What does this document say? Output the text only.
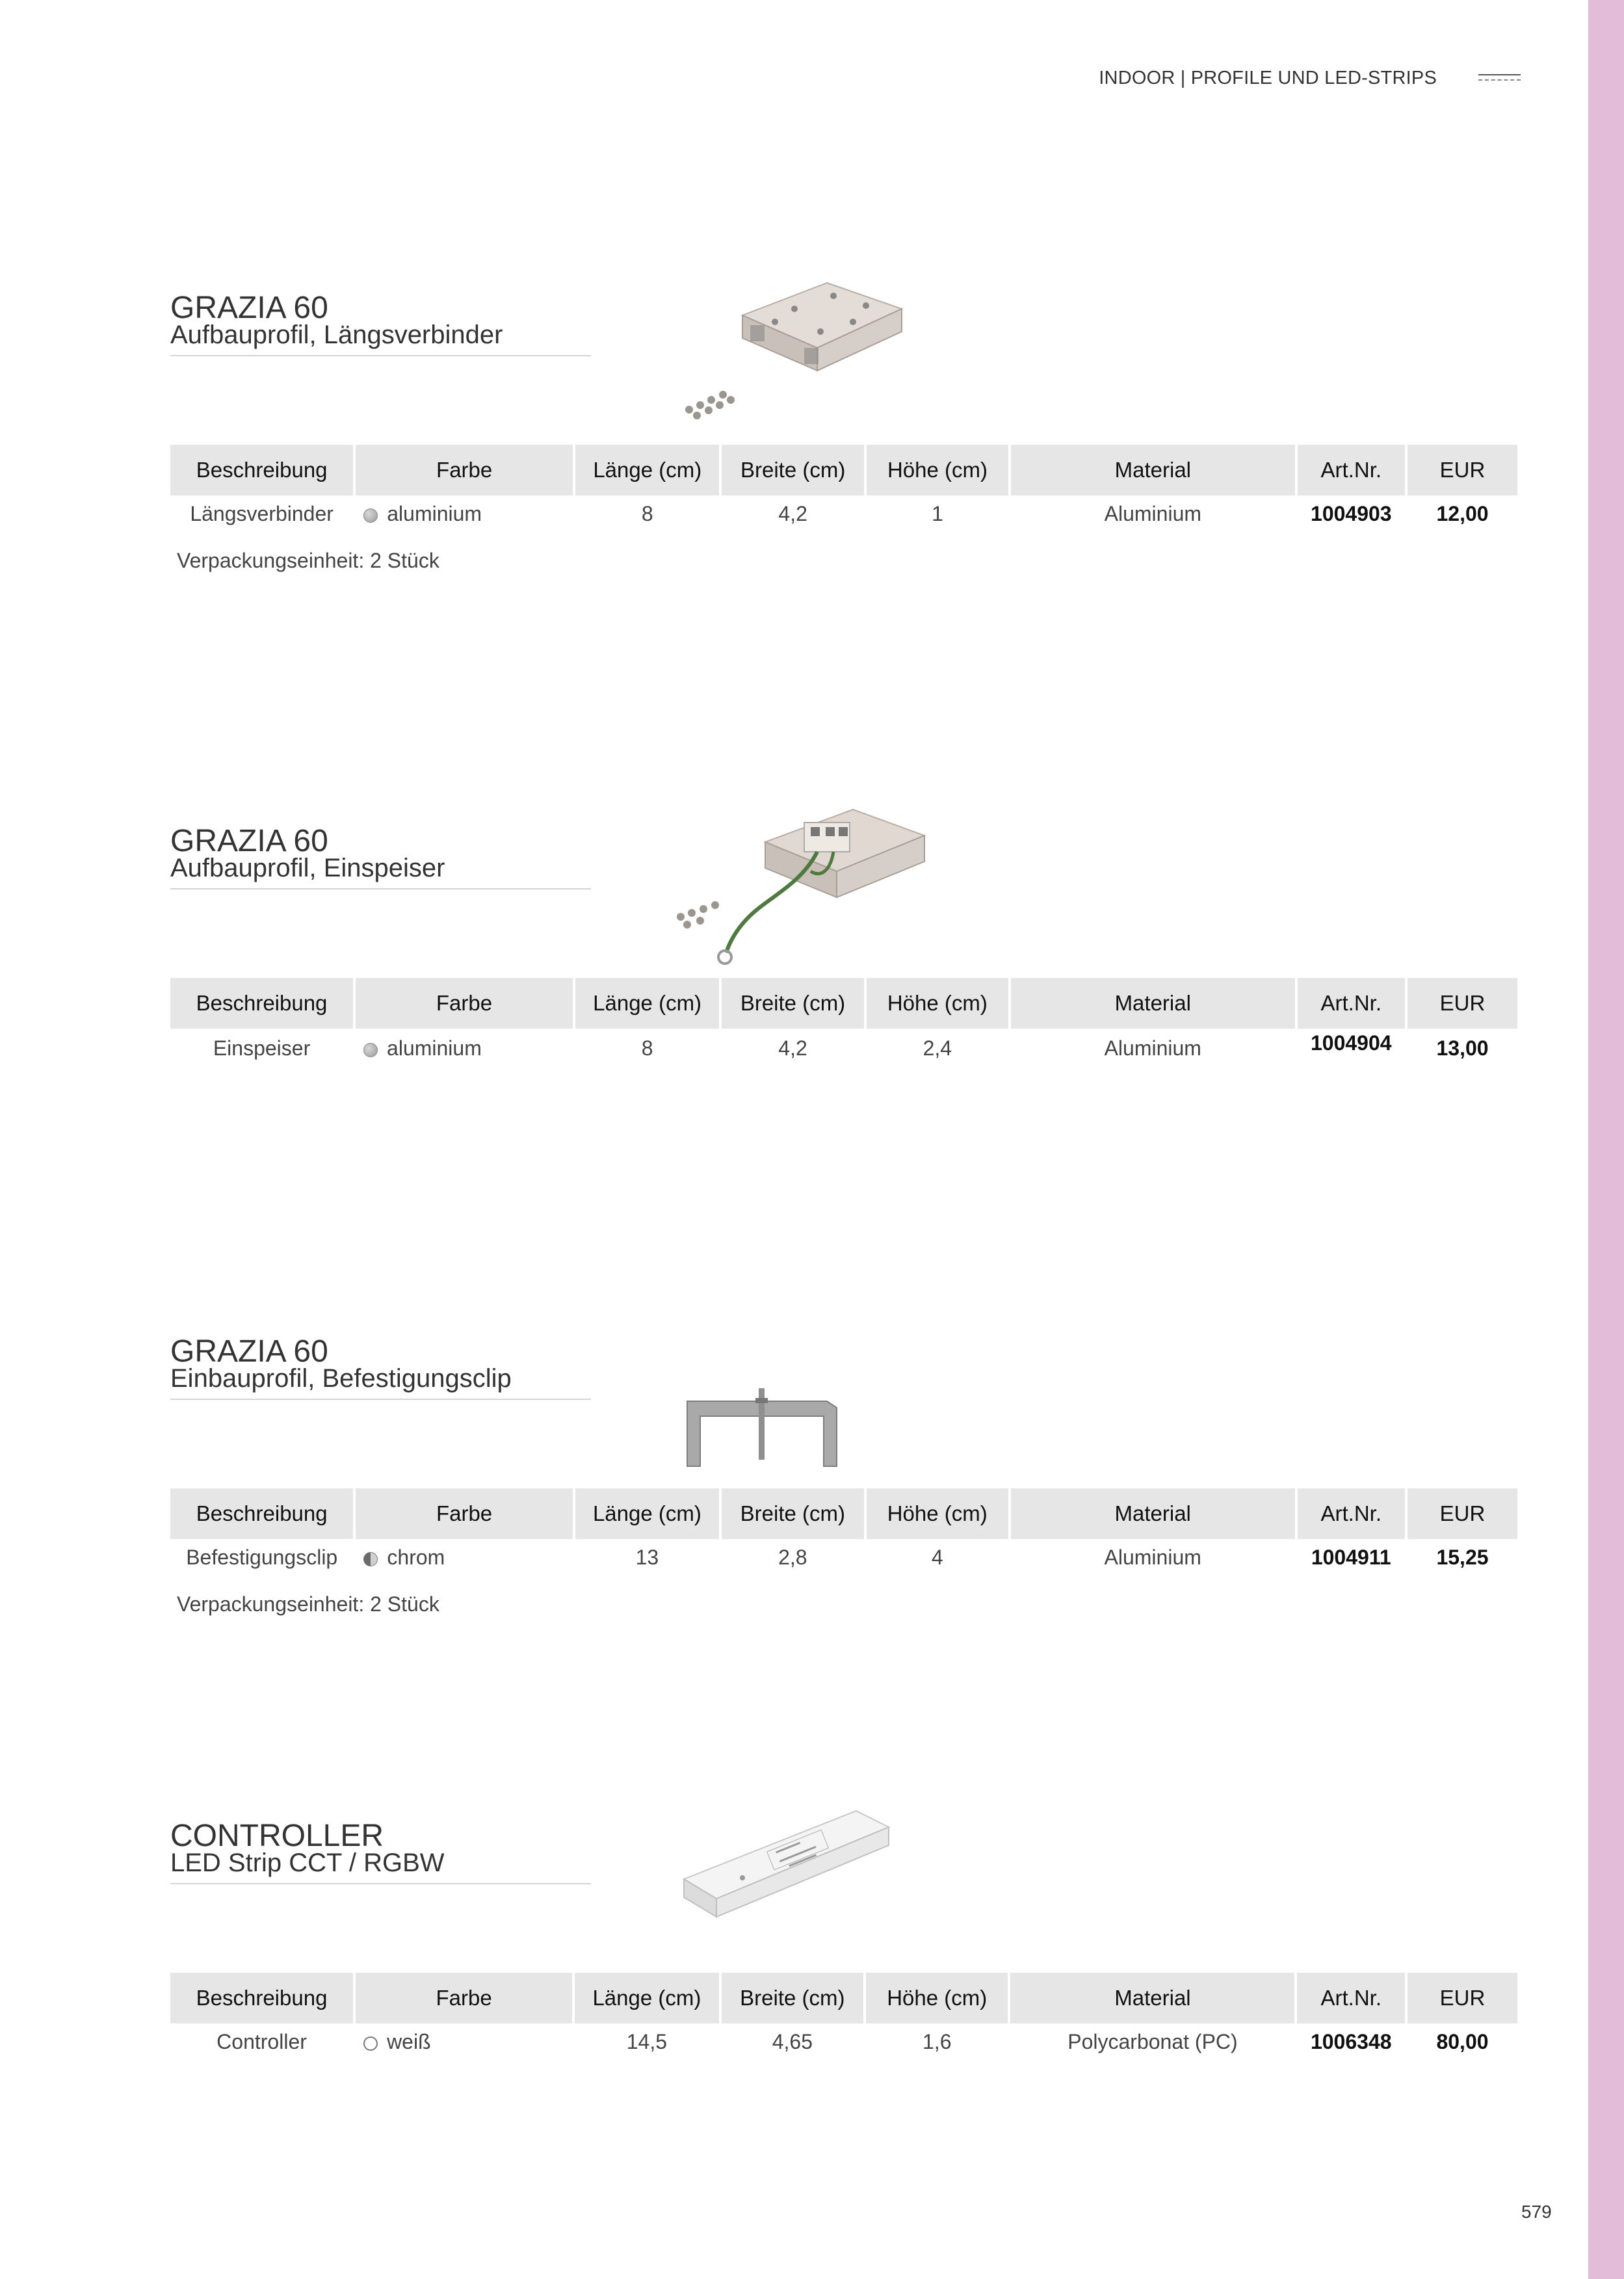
INDOOR | PROFILE UND LED-STRIPS
GRAZIA 60
Aufbauprofil, Längsverbinder
Beschreibung	Farbe	Länge (cm)	Breite (cm)	Höhe (cm)	Material	Art.Nr.	EUR
Längsverbinder	aluminium	8	4,2	1	Aluminium	1004903	12,00
Verpackungseinheit: 2 Stück
GRAZIA 60
Aufbauprofil, Einspeiser
Beschreibung	Farbe	Länge (cm)	Breite (cm)	Höhe (cm)	Material	Art.Nr.	EUR
Einspeiser	aluminium	8	4,2	2,4	Aluminium	1004904	13,00
GRAZIA 60
Einbauprofil, Befestigungsclip
Beschreibung	Farbe	Länge (cm)	Breite (cm)	Höhe (cm)	Material	Art.Nr.	EUR
Befestigungsclip	chrom	13	2,8	4	Aluminium	1004911	15,25
Verpackungseinheit: 2 Stück
CONTROLLER
LED Strip CCT / RGBW
Beschreibung	Farbe	Länge (cm)	Breite (cm)	Höhe (cm)	Material	Art.Nr.	EUR
Controller	weiß	14,5	4,65	1,6	Polycarbonat (PC)	1006348	80,00
579
